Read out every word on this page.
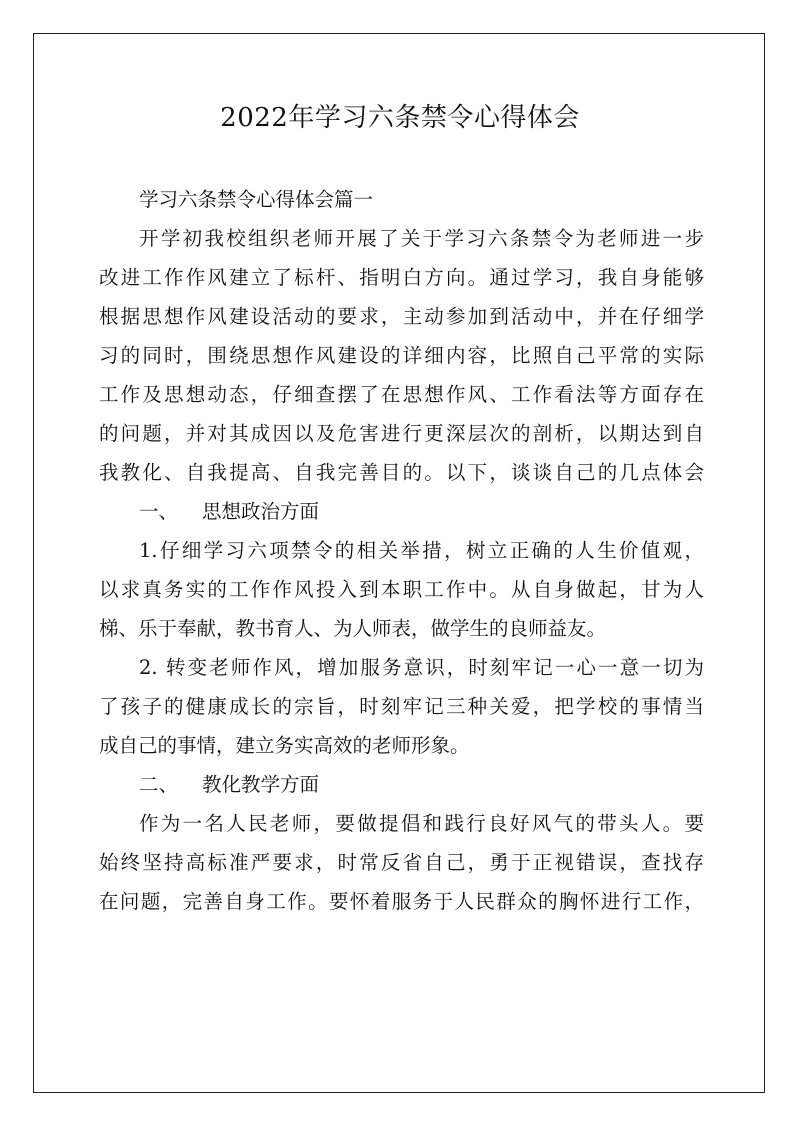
2022年学习六条禁令心得体会
学习六条禁令心得体会篇一
开学初我校组织老师开展了关于学习六条禁令为老师进一步
改进工作作风建立了标杆、指明白方向。通过学习，我自身能够
根据思想作风建设活动的要求，主动参加到活动中，并在仔细学
习的同时，围绕思想作风建设的详细内容，比照自己平常的实际
工作及思想动态，仔细查摆了在思想作风、工作看法等方面存在
的问题，并对其成因以及危害进行更深层次的剖析，以期达到自
我教化、自我提高、自我完善目的。以下，谈谈自己的几点体会
一、 思想政治方面
1.仔细学习六项禁令的相关举措，树立正确的人生价值观，
以求真务实的工作作风投入到本职工作中。从自身做起，甘为人
梯、乐于奉献，教书育人、为人师表，做学生的良师益友。
2. 转变老师作风，增加服务意识，时刻牢记一心一意一切为
了孩子的健康成长的宗旨，时刻牢记三种关爱，把学校的事情当
成自己的事情，建立务实高效的老师形象。
二、 教化教学方面
作为一名人民老师，要做提倡和践行良好风气的带头人。要
始终坚持高标准严要求，时常反省自己，勇于正视错误，查找存
在问题，完善自身工作。要怀着服务于人民群众的胸怀进行工作，
